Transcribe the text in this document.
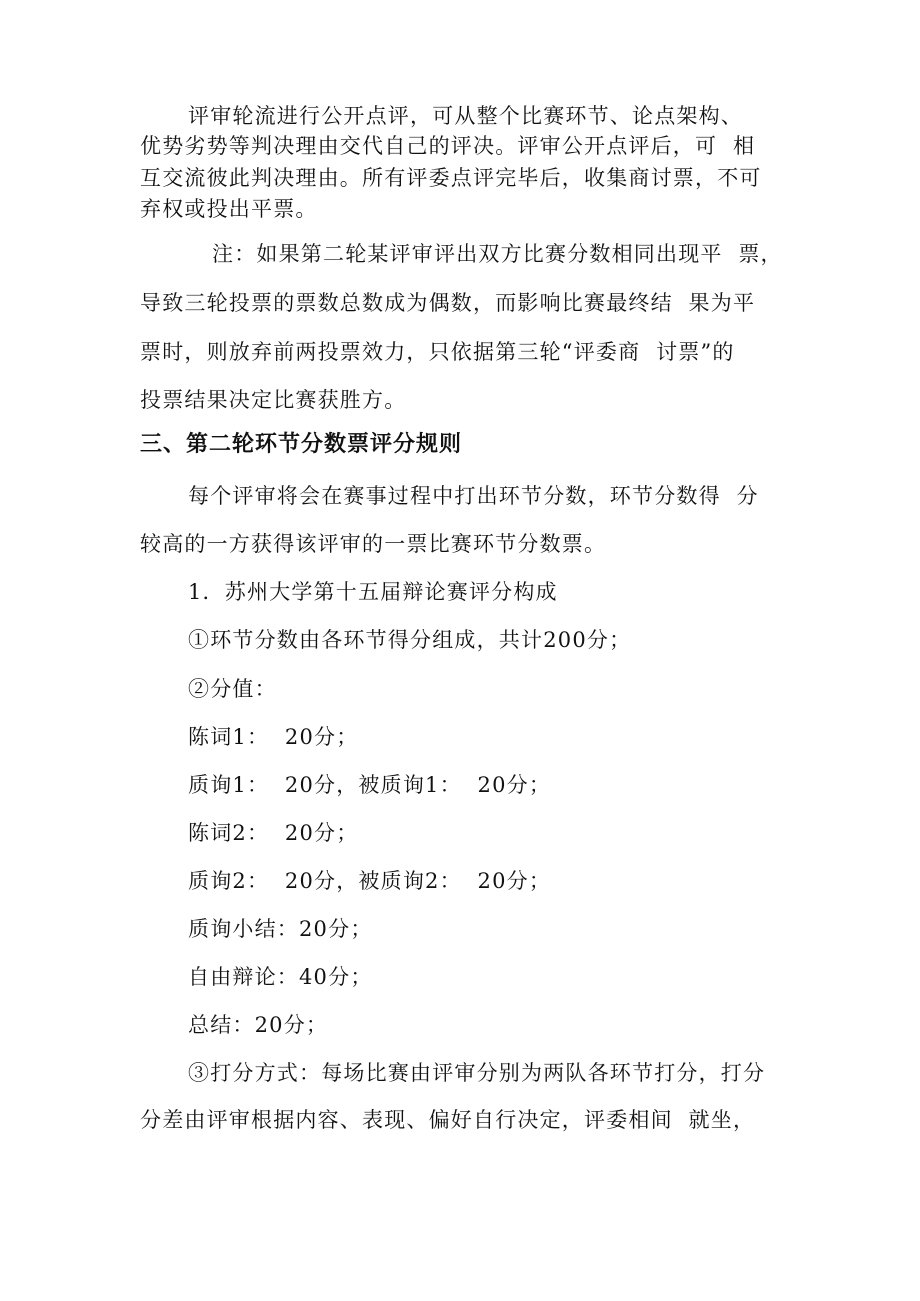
评审轮流进行公开点评，可从整个比赛环节、论点架构、

优势劣势等判决理由交代自己的评决。评审公开点评后，可  相

互交流彼此判决理由。所有评委点评完毕后，收集商讨票，不可

弃权或投出平票。

注：如果第二轮某评审评出双方比赛分数相同出现平  票，

导致三轮投票的票数总数成为偶数，而影响比赛最终结  果为平

票时，则放弃前两投票效力，只依据第三轮“评委商  讨票”的

投票结果决定比赛获胜方。

三、第二轮环节分数票评分规则

每个评审将会在赛事过程中打出环节分数，环节分数得  分

较高的一方获得该评审的一票比赛环节分数票。

1．苏州大学第十五届辩论赛评分构成

①环节分数由各环节得分组成，共计200分；

②分值：

陈词1：  20分；

质询1：  20分，被质询1：  20分；

陈词2：  20分；

质询2：  20分，被质询2：  20分；

质询小结：20分；

自由辩论：40分；

总结：20分；

③打分方式：每场比赛由评审分别为两队各环节打分，打分

分差由评审根据内容、表现、偏好自行决定，评委相间  就坐，
